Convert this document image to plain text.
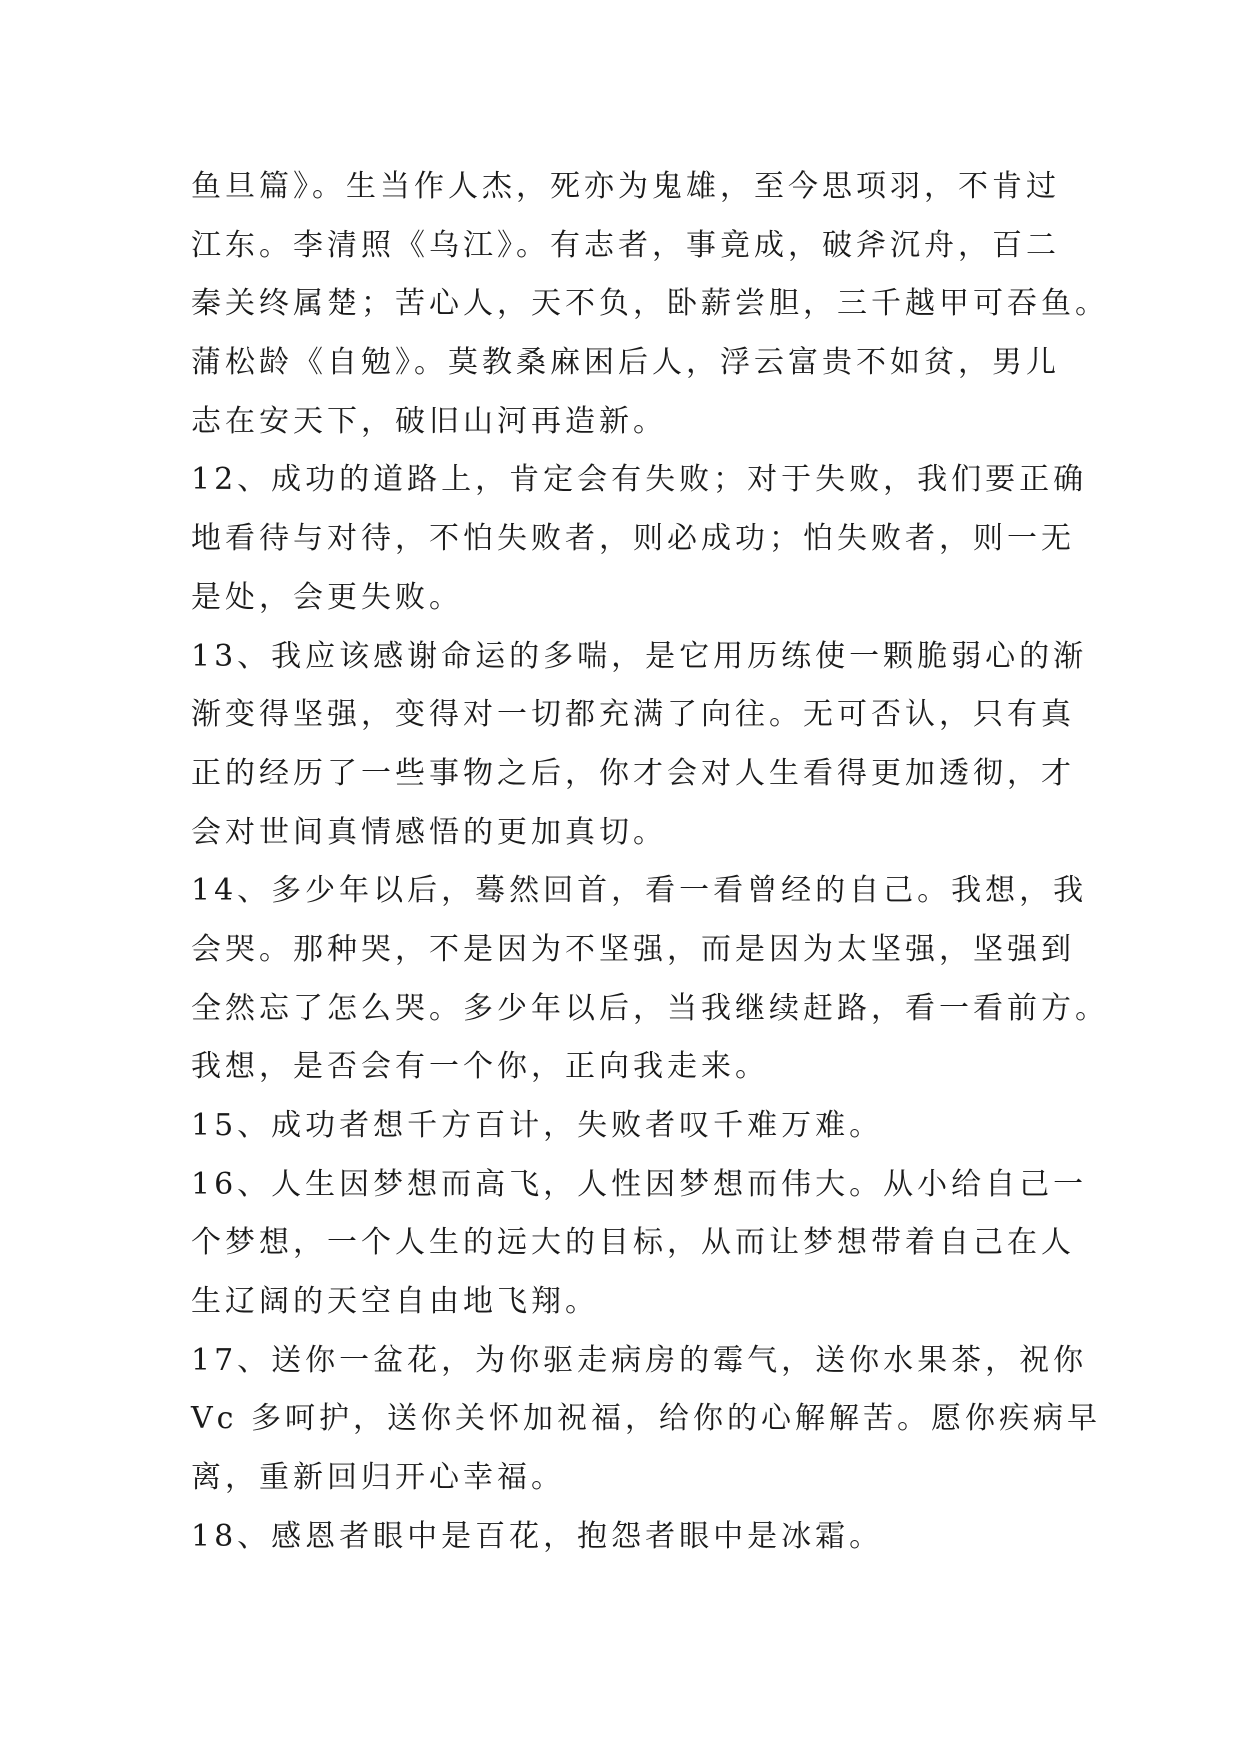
鱼旦篇》。生当作人杰，死亦为鬼雄，至今思项羽，不肯过
江东。李清照《乌江》。有志者，事竟成，破斧沉舟，百二
秦关终属楚；苦心人，天不负，卧薪尝胆，三千越甲可吞鱼。
蒲松龄《自勉》。莫教桑麻困后人，浮云富贵不如贫，男儿
志在安天下，破旧山河再造新。
12、成功的道路上，肯定会有失败；对于失败，我们要正确
地看待与对待，不怕失败者，则必成功；怕失败者，则一无
是处，会更失败。
13、我应该感谢命运的多喘，是它用历练使一颗脆弱心的渐
渐变得坚强，变得对一切都充满了向往。无可否认，只有真
正的经历了一些事物之后，你才会对人生看得更加透彻，才
会对世间真情感悟的更加真切。
14、多少年以后，蓦然回首，看一看曾经的自己。我想，我
会哭。那种哭，不是因为不坚强，而是因为太坚强，坚强到
全然忘了怎么哭。多少年以后，当我继续赶路，看一看前方。
我想，是否会有一个你，正向我走来。
15、成功者想千方百计，失败者叹千难万难。
16、人生因梦想而高飞，人性因梦想而伟大。从小给自己一
个梦想，一个人生的远大的目标，从而让梦想带着自己在人
生辽阔的天空自由地飞翔。
17、送你一盆花，为你驱走病房的霉气，送你水果茶，祝你
Vc 多呵护，送你关怀加祝福，给你的心解解苦。愿你疾病早
离，重新回归开心幸福。
18、感恩者眼中是百花，抱怨者眼中是冰霜。
